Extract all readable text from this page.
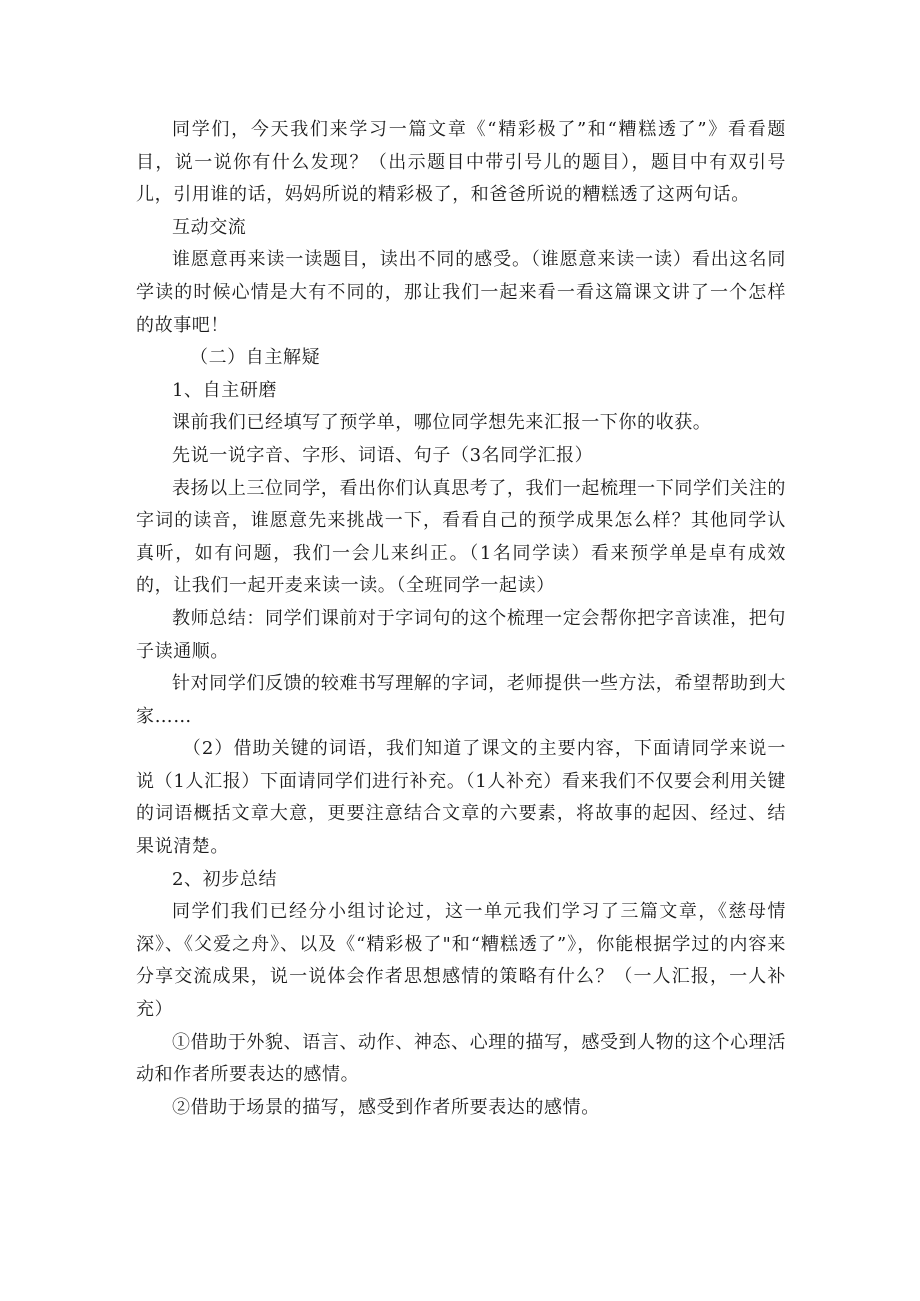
同学们，今天我们来学习一篇文章《“精彩极了”和“糟糕透了”》看看题目，说一说你有什么发现？（出示题目中带引号儿的题目），题目中有双引号儿，引用谁的话，妈妈所说的精彩极了，和爸爸所说的糟糕透了这两句话。

互动交流

谁愿意再来读一读题目，读出不同的感受。（谁愿意来读一读）看出这名同学读的时候心情是大有不同的，那让我们一起来看一看这篇课文讲了一个怎样的故事吧！

（二）自主解疑

1、自主研磨

课前我们已经填写了预学单，哪位同学想先来汇报一下你的收获。

先说一说字音、字形、词语、句子（3名同学汇报）

表扬以上三位同学，看出你们认真思考了，我们一起梳理一下同学们关注的字词的读音，谁愿意先来挑战一下，看看自己的预学成果怎么样？其他同学认真听，如有问题，我们一会儿来纠正。（1名同学读）看来预学单是卓有成效的，让我们一起开麦来读一读。（全班同学一起读）

教师总结：同学们课前对于字词句的这个梳理一定会帮你把字音读准，把句子读通顺。

针对同学们反馈的较难书写理解的字词，老师提供一些方法，希望帮助到大家……

（2）借助关键的词语，我们知道了课文的主要内容，下面请同学来说一说（1人汇报）下面请同学们进行补充。（1人补充）看来我们不仅要会利用关键的词语概括文章大意，更要注意结合文章的六要素，将故事的起因、经过、结果说清楚。

2、初步总结

同学们我们已经分小组讨论过，这一单元我们学习了三篇文章，《慈母情深》、《父爱之舟》、以及《“精彩极了"和“糟糕透了”》，你能根据学过的内容来分享交流成果，说一说体会作者思想感情的策略有什么？（一人汇报，一人补充）

①借助于外貌、语言、动作、神态、心理的描写，感受到人物的这个心理活动和作者所要表达的感情。

②借助于场景的描写，感受到作者所要表达的感情。
